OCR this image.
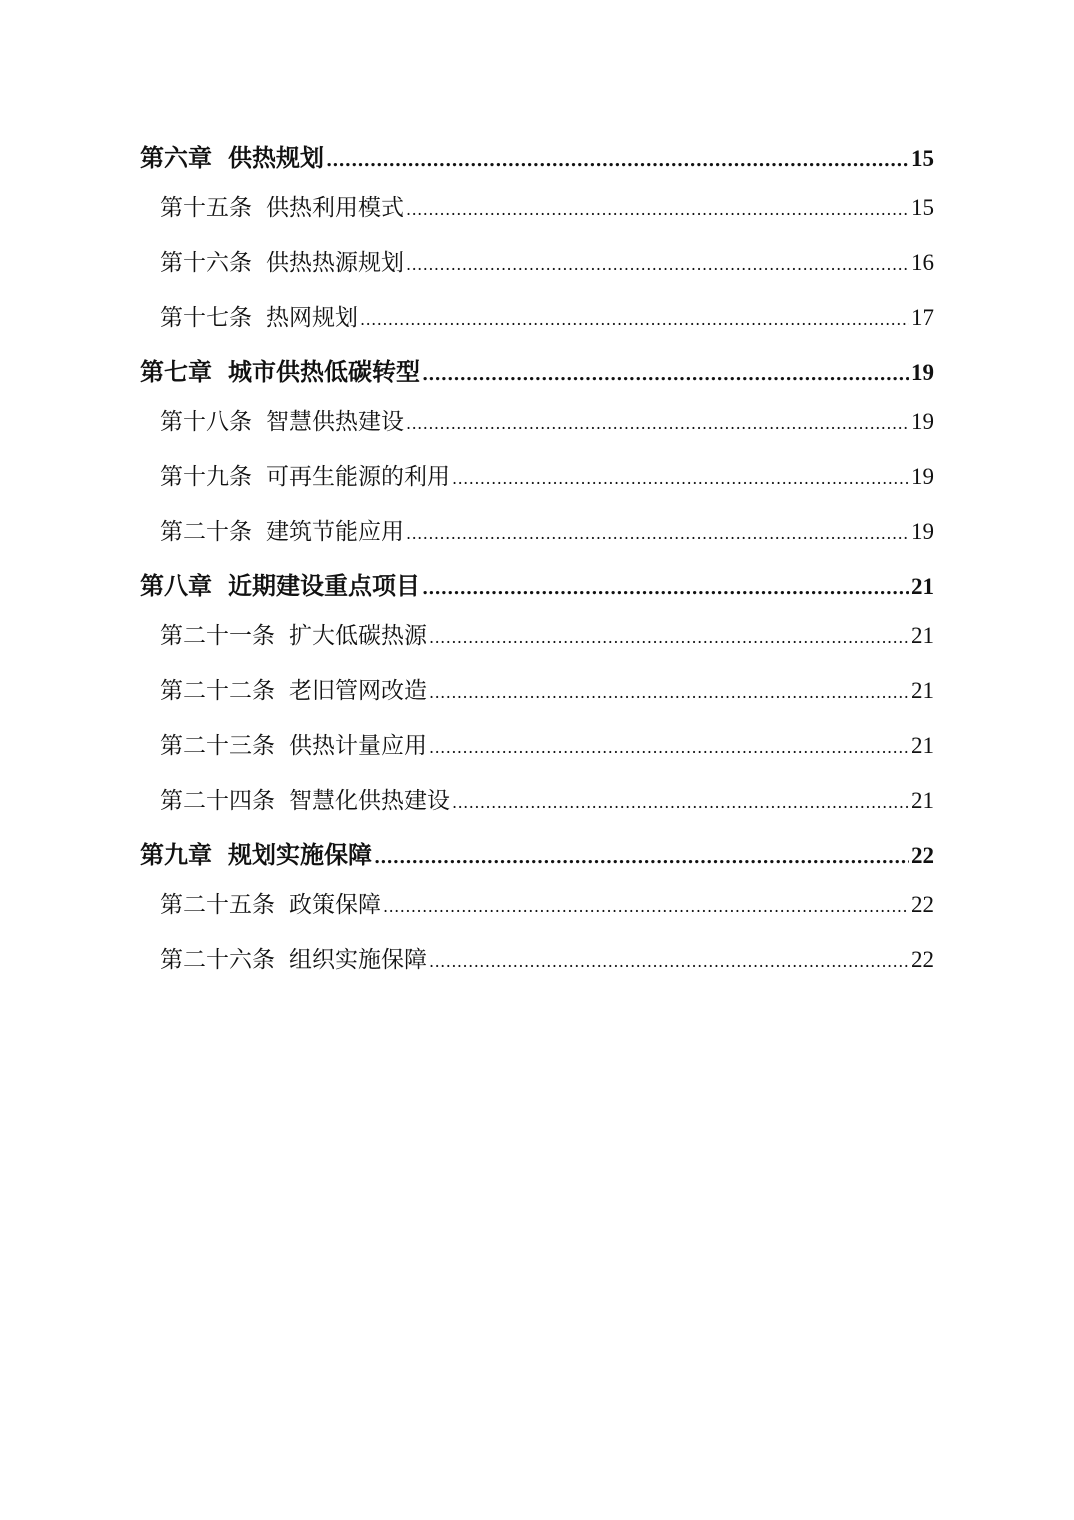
第六章 供热规划 .....	15
第十五条 供热利用模式 .....	15
第十六条 供热热源规划 .....	16
第十七条 热网规划 .....	17
第七章 城市供热低碳转型 .....	19
第十八条 智慧供热建设 .....	19
第十九条 可再生能源的利用 .....	19
第二十条 建筑节能应用 .....	19
第八章 近期建设重点项目 .....	21
第二十一条 扩大低碳热源 .....	21
第二十二条 老旧管网改造 .....	21
第二十三条 供热计量应用 .....	21
第二十四条 智慧化供热建设 .....	21
第九章 规划实施保障 .....	22
第二十五条 政策保障 .....	22
第二十六条 组织实施保障 .....	22
